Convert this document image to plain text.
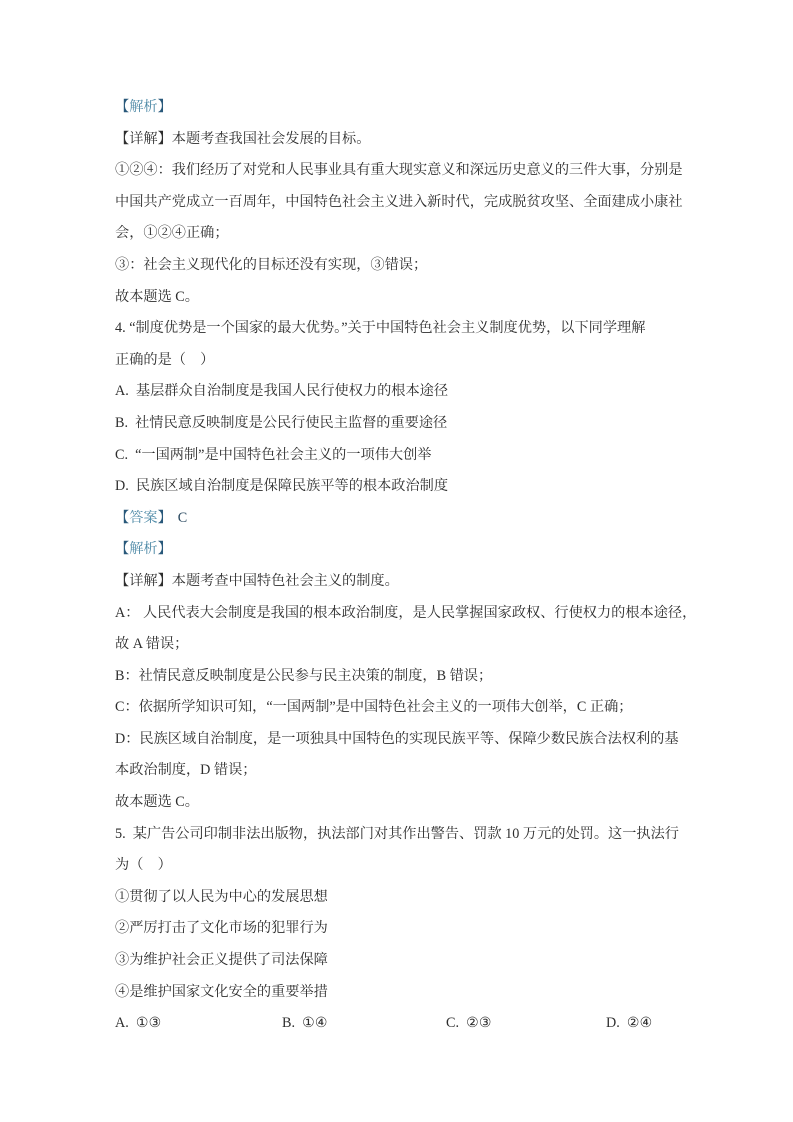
【解析】
【详解】本题考查我国社会发展的目标。
①②④：我们经历了对党和人民事业具有重大现实意义和深远历史意义的三件大事，分别是
中国共产党成立一百周年，中国特色社会主义进入新时代，完成脱贫攻坚、全面建成小康社
会，①②④正确；
③：社会主义现代化的目标还没有实现，③错误；
故本题选 C。
4. “制度优势是一个国家的最大优势。”关于中国特色社会主义制度优势，以下同学理解
正确的是（　）
A.  基层群众自治制度是我国人民行使权力的根本途径
B.  社情民意反映制度是公民行使民主监督的重要途径
C.  “一国两制”是中国特色社会主义的一项伟大创举
D.  民族区域自治制度是保障民族平等的根本政治制度
【答案】 C
【解析】
【详解】本题考查中国特色社会主义的制度。
A： 人民代表大会制度是我国的根本政治制度，是人民掌握国家政权、行使权力的根本途径，
故 A 错误；
B：社情民意反映制度是公民参与民主决策的制度，B 错误；
C：依据所学知识可知，“一国两制”是中国特色社会主义的一项伟大创举，C 正确；
D：民族区域自治制度，是一项独具中国特色的实现民族平等、保障少数民族合法权利的基
本政治制度，D 错误；
故本题选 C。
5.  某广告公司印制非法出版物，执法部门对其作出警告、罚款 10 万元的处罚。这一执法行
为（　）
①贯彻了以人民为中心的发展思想
②严厉打击了文化市场的犯罪行为
③为维护社会正义提供了司法保障
④是维护国家文化安全的重要举措
A.  ①③	B.  ①④	C.  ②③	D.  ②④
